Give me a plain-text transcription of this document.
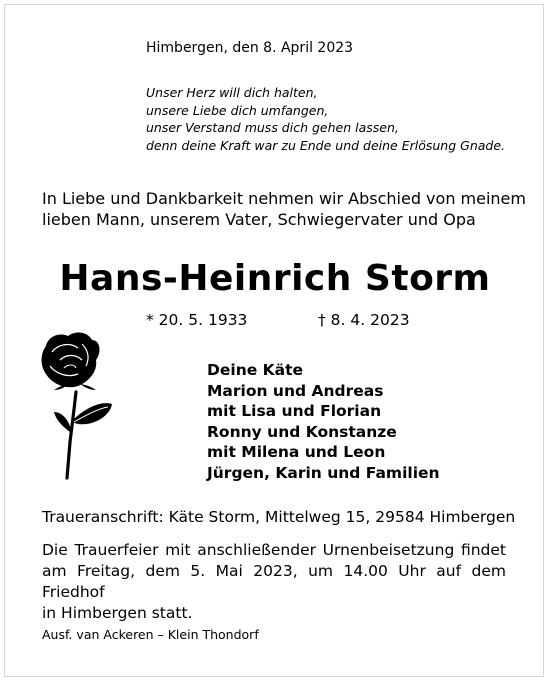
Himbergen, den 8. April 2023
Unser Herz will dich halten,
unsere Liebe dich umfangen,
unser Verstand muss dich gehen lassen,
denn deine Kraft war zu Ende und deine Erlösung Gnade.
In Liebe und Dankbarkeit nehmen wir Abschied von meinem
lieben Mann, unserem Vater, Schwiegervater und Opa
Hans-Heinrich Storm
* 20. 5. 1933	† 8. 4. 2023
Deine Käte
Marion und Andreas
mit Lisa und Florian
Ronny und Konstanze
mit Milena und Leon
Jürgen, Karin und Familien
Traueranschrift: Käte Storm, Mittelweg 15, 29584 Himbergen
Die Trauerfeier mit anschließender Urnenbeisetzung findet
am Freitag, dem 5. Mai 2023, um 14.00 Uhr auf dem Friedhof
in Himbergen statt.
Ausf. van Ackeren – Klein Thondorf
